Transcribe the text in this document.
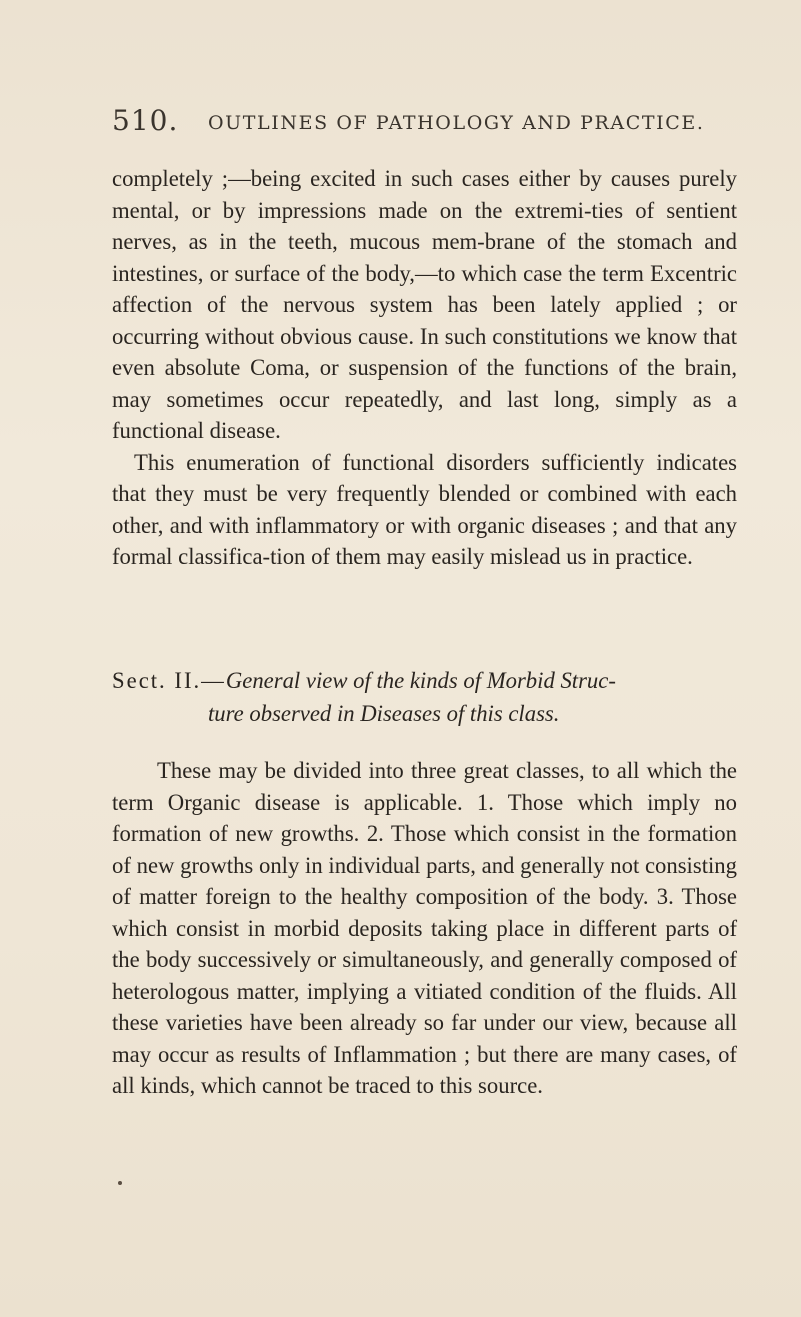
510. OUTLINES OF PATHOLOGY AND PRACTICE.

completely ;—being excited in such cases either by causes purely mental, or by impressions made on the extremi-ties of sentient nerves, as in the teeth, mucous mem-brane of the stomach and intestines, or surface of the body,—to which case the term Excentric affection of the nervous system has been lately applied ; or occurring without obvious cause. In such constitutions we know that even absolute Coma, or suspension of the functions of the brain, may sometimes occur repeatedly, and last long, simply as a functional disease.

This enumeration of functional disorders sufficiently indicates that they must be very frequently blended or combined with each other, and with inflammatory or with organic diseases ; and that any formal classifica-tion of them may easily mislead us in practice.

Sect. II.—General view of the kinds of Morbid Struc-
ture observed in Diseases of this class.

These may be divided into three great classes, to all which the term Organic disease is applicable. 1. Those which imply no formation of new growths. 2. Those which consist in the formation of new growths only in individual parts, and generally not consisting of matter foreign to the healthy composition of the body. 3. Those which consist in morbid deposits taking place in different parts of the body successively or simultaneously, and generally composed of heterologous matter, implying a vitiated condition of the fluids. All these varieties have been already so far under our view, because all may occur as results of Inflammation ; but there are many cases, of all kinds, which cannot be traced to this source.
